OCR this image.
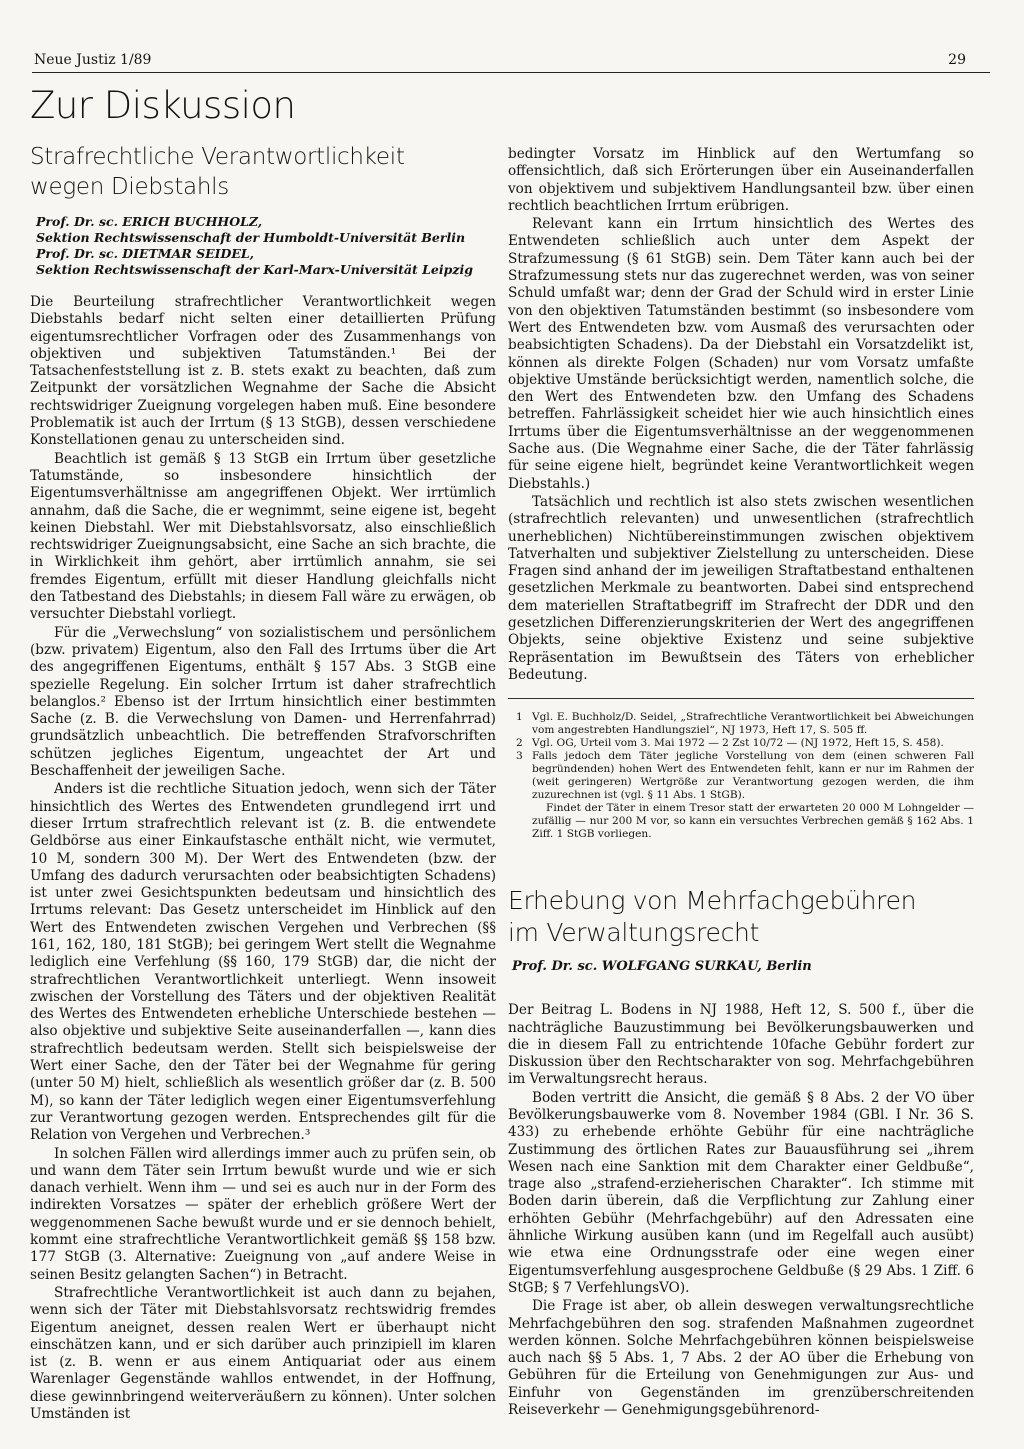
Neue Justiz 1/89	29
Zur Diskussion
Strafrechtliche Verantwortlichkeit
wegen Diebstahls
Prof. Dr. sc. ERICH BUCHHOLZ,
Sektion Rechtswissenschaft der Humboldt-Universität Berlin
Prof. Dr. sc. DIETMAR SEIDEL,
Sektion Rechtswissenschaft der Karl-Marx-Universität Leipzig

Die Beurteilung strafrechtlicher Verantwortlichkeit wegen Diebstahls bedarf nicht selten einer detaillierten Prüfung eigentumsrechtlicher Vorfragen oder des Zusammenhangs von objektiven und subjektiven Tatumständen.¹ Bei der Tatsachenfeststellung ist z. B. stets exakt zu beachten, daß zum Zeitpunkt der vorsätzlichen Wegnahme der Sache die Absicht rechtswidriger Zueignung vorgelegen haben muß. Eine besondere Problematik ist auch der Irrtum (§ 13 StGB), dessen verschiedene Konstellationen genau zu unterscheiden sind.

Beachtlich ist gemäß § 13 StGB ein Irrtum über gesetzliche Tatumstände, so insbesondere hinsichtlich der Eigentumsverhältnisse am angegriffenen Objekt. Wer irrtümlich annahm, daß die Sache, die er wegnimmt, seine eigene ist, begeht keinen Diebstahl. Wer mit Diebstahlsvorsatz, also einschließlich rechtswidriger Zueignungsabsicht, eine Sache an sich brachte, die in Wirklichkeit ihm gehört, aber irrtümlich annahm, sie sei fremdes Eigentum, erfüllt mit dieser Handlung gleichfalls nicht den Tatbestand des Diebstahls; in diesem Fall wäre zu erwägen, ob versuchter Diebstahl vorliegt.

Für die „Verwechslung“ von sozialistischem und persönlichem (bzw. privatem) Eigentum, also den Fall des Irrtums über die Art des angegriffenen Eigentums, enthält § 157 Abs. 3 StGB eine spezielle Regelung. Ein solcher Irrtum ist daher strafrechtlich belanglos.² Ebenso ist der Irrtum hinsichtlich einer bestimmten Sache (z. B. die Verwechslung von Damen- und Herrenfahrrad) grundsätzlich unbeachtlich. Die betreffenden Strafvorschriften schützen jegliches Eigentum, ungeachtet der Art und Beschaffenheit der jeweiligen Sache.

Anders ist die rechtliche Situation jedoch, wenn sich der Täter hinsichtlich des Wertes des Entwendeten grundlegend irrt und dieser Irrtum strafrechtlich relevant ist (z. B. die entwendete Geldbörse aus einer Einkaufstasche enthält nicht, wie vermutet, 10 M, sondern 300 M). Der Wert des Entwendeten (bzw. der Umfang des dadurch verursachten oder beabsichtigten Schadens) ist unter zwei Gesichtspunkten bedeutsam und hinsichtlich des Irrtums relevant: Das Gesetz unterscheidet im Hinblick auf den Wert des Entwendeten zwischen Vergehen und Verbrechen (§§ 161, 162, 180, 181 StGB); bei geringem Wert stellt die Wegnahme lediglich eine Verfehlung (§§ 160, 179 StGB) dar, die nicht der strafrechtlichen Verantwortlichkeit unterliegt. Wenn insoweit zwischen der Vorstellung des Täters und der objektiven Realität des Wertes des Entwendeten erhebliche Unterschiede bestehen — also objektive und subjektive Seite auseinanderfallen —, kann dies strafrechtlich bedeutsam werden. Stellt sich beispielsweise der Wert einer Sache, den der Täter bei der Wegnahme für gering (unter 50 M) hielt, schließlich als wesentlich größer dar (z. B. 500 M), so kann der Täter lediglich wegen einer Eigentumsverfehlung zur Verantwortung gezogen werden. Entsprechendes gilt für die Relation von Vergehen und Verbrechen.³

In solchen Fällen wird allerdings immer auch zu prüfen sein, ob und wann dem Täter sein Irrtum bewußt wurde und wie er sich danach verhielt. Wenn ihm — und sei es auch nur in der Form des indirekten Vorsatzes — später der erheblich größere Wert der weggenommenen Sache bewußt wurde und er sie dennoch behielt, kommt eine strafrechtliche Verantwortlichkeit gemäß §§ 158 bzw. 177 StGB (3. Alternative: Zueignung von „auf andere Weise in seinen Besitz gelangten Sachen“) in Betracht.

Strafrechtliche Verantwortlichkeit ist auch dann zu bejahen, wenn sich der Täter mit Diebstahlsvorsatz rechtswidrig fremdes Eigentum aneignet, dessen realen Wert er überhaupt nicht einschätzen kann, und er sich darüber auch prinzipiell im klaren ist (z. B. wenn er aus einem Antiquariat oder aus einem Warenlager Gegenstände wahllos entwendet, in der Hoffnung, diese gewinnbringend weiterveräußern zu können). Unter solchen Umständen ist

bedingter Vorsatz im Hinblick auf den Wertumfang so offensichtlich, daß sich Erörterungen über ein Auseinanderfallen von objektivem und subjektivem Handlungsanteil bzw. über einen rechtlich beachtlichen Irrtum erübrigen.

Relevant kann ein Irrtum hinsichtlich des Wertes des Entwendeten schließlich auch unter dem Aspekt der Strafzumessung (§ 61 StGB) sein. Dem Täter kann auch bei der Strafzumessung stets nur das zugerechnet werden, was von seiner Schuld umfaßt war; denn der Grad der Schuld wird in erster Linie von den objektiven Tatumständen bestimmt (so insbesondere vom Wert des Entwendeten bzw. vom Ausmaß des verursachten oder beabsichtigten Schadens). Da der Diebstahl ein Vorsatzdelikt ist, können als direkte Folgen (Schaden) nur vom Vorsatz umfaßte objektive Umstände berücksichtigt werden, namentlich solche, die den Wert des Entwendeten bzw. den Umfang des Schadens betreffen. Fahrlässigkeit scheidet hier wie auch hinsichtlich eines Irrtums über die Eigentumsverhältnisse an der weggenommenen Sache aus. (Die Wegnahme einer Sache, die der Täter fahrlässig für seine eigene hielt, begründet keine Verantwortlichkeit wegen Diebstahls.)

Tatsächlich und rechtlich ist also stets zwischen wesentlichen (strafrechtlich relevanten) und unwesentlichen (strafrechtlich unerheblichen) Nichtübereinstimmungen zwischen objektivem Tatverhalten und subjektiver Zielstellung zu unterscheiden. Diese Fragen sind anhand der im jeweiligen Straftatbestand enthaltenen gesetzlichen Merkmale zu beantworten. Dabei sind entsprechend dem materiellen Straftatbegriff im Strafrecht der DDR und den gesetzlichen Differenzierungskriterien der Wert des angegriffenen Objekts, seine objektive Existenz und seine subjektive Repräsentation im Bewußtsein des Täters von erheblicher Bedeutung.

1 Vgl. E. Buchholz/D. Seidel, „Strafrechtliche Verantwortlichkeit bei Abweichungen vom angestrebten Handlungsziel“, NJ 1973, Heft 17, S. 505 ff.
2 Vgl. OG, Urteil vom 3. Mai 1972 — 2 Zst 10/72 — (NJ 1972, Heft 15, S. 458).
3 Falls jedoch dem Täter jegliche Vorstellung von dem (einen schweren Fall begründenden) hohen Wert des Entwendeten fehlt, kann er nur im Rahmen der (weit geringeren) Wertgröße zur Verantwortung gezogen werden, die ihm zuzurechnen ist (vgl. § 11 Abs. 1 StGB).
Findet der Täter in einem Tresor statt der erwarteten 20 000 M Lohngelder — zufällig — nur 200 M vor, so kann ein versuchtes Verbrechen gemäß § 162 Abs. 1 Ziff. 1 StGB vorliegen.
Erhebung von Mehrfachgebühren
im Verwaltungsrecht
Prof. Dr. sc. WOLFGANG SURKAU, Berlin

Der Beitrag L. Bodens in NJ 1988, Heft 12, S. 500 f., über die nachträgliche Bauzustimmung bei Bevölkerungsbauwerken und die in diesem Fall zu entrichtende 10fache Gebühr fordert zur Diskussion über den Rechtscharakter von sog. Mehrfachgebühren im Verwaltungsrecht heraus.

Boden vertritt die Ansicht, die gemäß § 8 Abs. 2 der VO über Bevölkerungsbauwerke vom 8. November 1984 (GBl. I Nr. 36 S. 433) zu erhebende erhöhte Gebühr für eine nachträgliche Zustimmung des örtlichen Rates zur Bauausführung sei „ihrem Wesen nach eine Sanktion mit dem Charakter einer Geldbuße“, trage also „strafend-erzieherischen Charakter“. Ich stimme mit Boden darin überein, daß die Verpflichtung zur Zahlung einer erhöhten Gebühr (Mehrfachgebühr) auf den Adressaten eine ähnliche Wirkung ausüben kann (und im Regelfall auch ausübt) wie etwa eine Ordnungsstrafe oder eine wegen einer Eigentumsverfehlung ausgesprochene Geldbuße (§ 29 Abs. 1 Ziff. 6 StGB; § 7 VerfehlungsVO).

Die Frage ist aber, ob allein deswegen verwaltungsrechtliche Mehrfachgebühren den sog. strafenden Maßnahmen zugeordnet werden können. Solche Mehrfachgebühren können beispielsweise auch nach §§ 5 Abs. 1, 7 Abs. 2 der AO über die Erhebung von Gebühren für die Erteilung von Genehmigungen zur Aus- und Einfuhr von Gegenständen im grenzüberschreitenden Reiseverkehr — Genehmigungsgebührenord-
